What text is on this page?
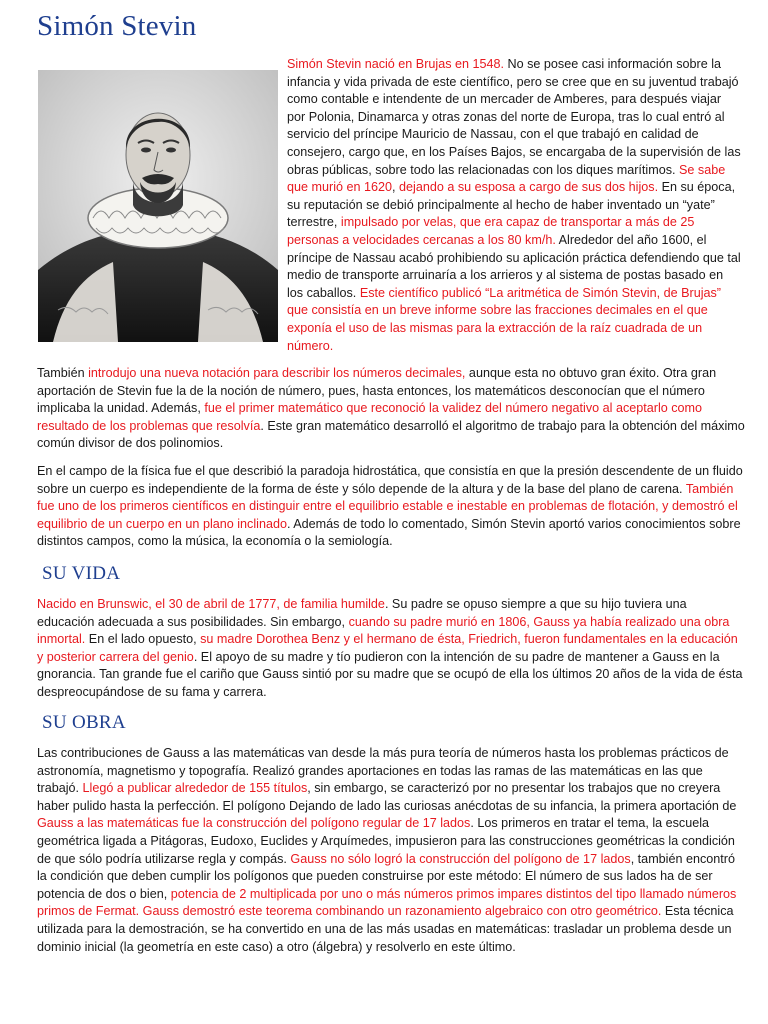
Simón Stevin

Simón Stevin nació en Brujas en 1548. No se posee casi información sobre la infancia y vida privada de este científico, pero se cree que en su juventud trabajó como contable e intendente de un mercader de Amberes, para después viajar por Polonia, Dinamarca y otras zonas del norte de Europa, tras lo cual entró al servicio del príncipe Mauricio de Nassau, con el que trabajó en calidad de consejero, cargo que, en los Países Bajos, se encargaba de la supervisión de las obras públicas, sobre todo las relacionadas con los diques marítimos. Se sabe que murió en 1620, dejando a su esposa a cargo de sus dos hijos. En su época, su reputación se debió principalmente al hecho de haber inventado un “yate” terrestre, impulsado por velas, que era capaz de transportar a más de 25 personas a velocidades cercanas a los 80 km/h. Alrededor del año 1600, el príncipe de Nassau acabó prohibiendo su aplicación práctica defendiendo que tal medio de transporte arruinaría a los arrieros y al sistema de postas basado en los caballos. Este científico publicó “La aritmética de Simón Stevin, de Brujas” que consistía en un breve informe sobre las fracciones decimales en el que exponía el uso de las mismas para la extracción de la raíz cuadrada de un número.

También introdujo una nueva notación para describir los números decimales, aunque esta no obtuvo gran éxito. Otra gran aportación de Stevin fue la de la noción de número, pues, hasta entonces, los matemáticos desconocían que el número implicaba la unidad. Además, fue el primer matemático que reconoció la validez del número negativo al aceptarlo como resultado de los problemas que resolvía. Este gran matemático desarrolló el algoritmo de trabajo para la obtención del máximo común divisor de dos polinomios.

En el campo de la física fue el que describió la paradoja hidrostática, que consistía en que la presión descendente de un fluido sobre un cuerpo es independiente de la forma de éste y sólo depende de la altura y de la base del plano de carena. También fue uno de los primeros científicos en distinguir entre el equilibrio estable e inestable en problemas de flotación, y demostró el equilibrio de un cuerpo en un plano inclinado. Además de todo lo comentado, Simón Stevin aportó varios conocimientos sobre distintos campos, como la música, la economía o la semiología.

SU VIDA

Nacido en Brunswic, el 30 de abril de 1777, de familia humilde. Su padre se opuso siempre a que su hijo tuviera una educación adecuada a sus posibilidades. Sin embargo, cuando su padre murió en 1806, Gauss ya había realizado una obra inmortal. En el lado opuesto, su madre Dorothea Benz y el hermano de ésta, Friedrich, fueron fundamentales en la educación y posterior carrera del genio. El apoyo de su madre y tío pudieron con la intención de su padre de mantener a Gauss en la gnorancia. Tan grande fue el cariño que Gauss sintió por su madre que se ocupó de ella los últimos 20 años de la vida de ésta despreocupándose de su fama y carrera.

SU OBRA

Las contribuciones de Gauss a las matemáticas van desde la más pura teoría de números hasta los problemas prácticos de astronomía, magnetismo y topografía. Realizó grandes aportaciones en todas las ramas de las matemáticas en las que trabajó. Llegó a publicar alrededor de 155 títulos, sin embargo, se caracterizó por no presentar los trabajos que no creyera haber pulido hasta la perfección. El polígono Dejando de lado las curiosas anécdotas de su infancia, la primera aportación de Gauss a las matemáticas fue la construcción del polígono regular de 17 lados. Los primeros en tratar el tema, la escuela geométrica ligada a Pitágoras, Eudoxo, Euclides y Arquímedes, impusieron para las construcciones geométricas la condición de que sólo podría utilizarse regla y compás. Gauss no sólo logró la construcción del polígono de 17 lados, también encontró la condición que deben cumplir los polígonos que pueden construirse por este método: El número de sus lados ha de ser potencia de dos o bien, potencia de 2 multiplicada por uno o más números primos impares distintos del tipo llamado números primos de Fermat. Gauss demostró este teorema combinando un razonamiento algebraico con otro geométrico. Esta técnica utilizada para la demostración, se ha convertido en una de las más usadas en matemáticas: trasladar un problema desde un dominio inicial (la geometría en este caso) a otro (álgebra) y resolverlo en este último.
